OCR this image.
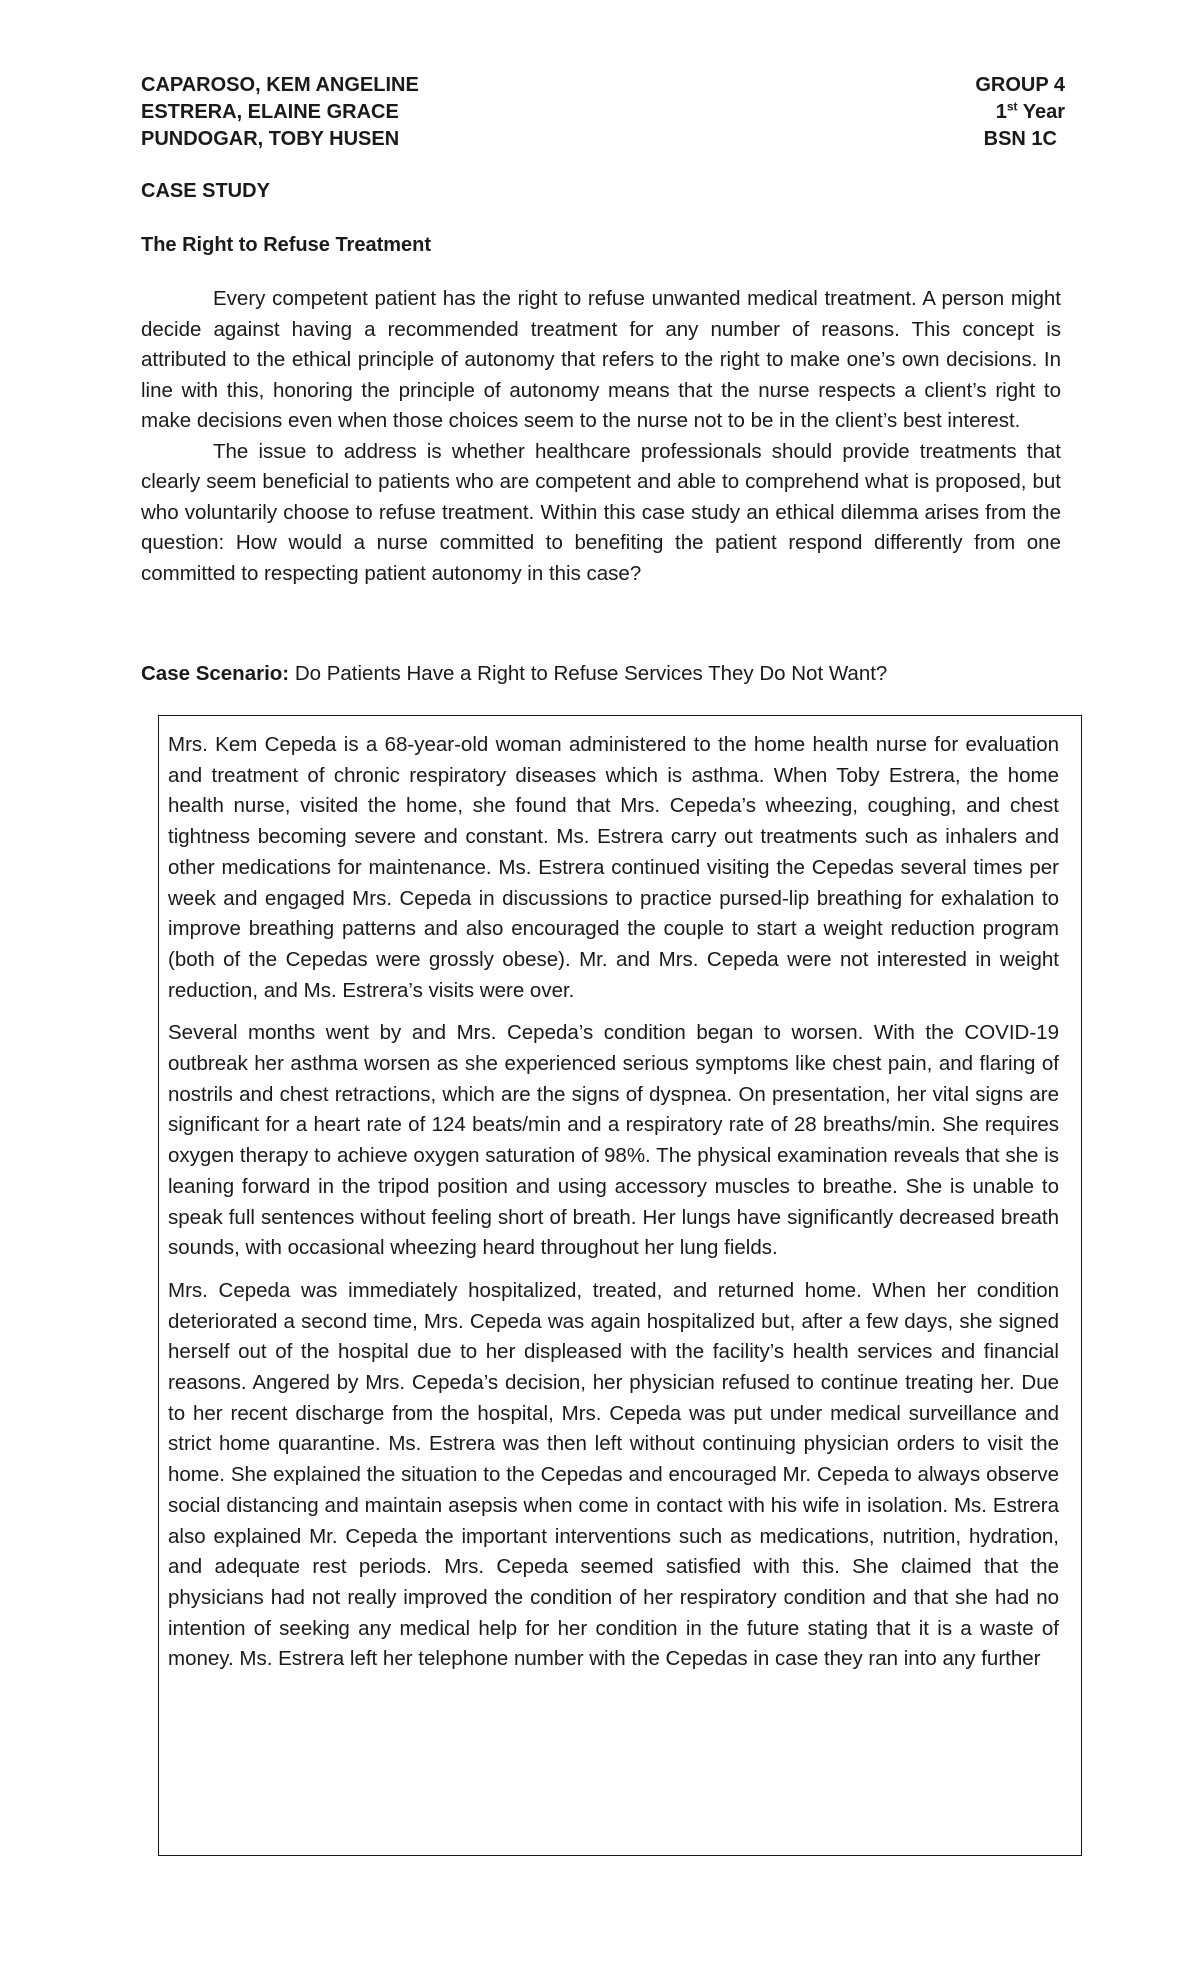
CAPAROSO, KEM ANGELINE	GROUP 4
ESTRERA, ELAINE GRACE	1st Year
PUNDOGAR, TOBY HUSEN	BSN 1C
CASE STUDY
The Right to Refuse Treatment

Every competent patient has the right to refuse unwanted medical treatment. A person might decide against having a recommended treatment for any number of reasons. This concept is attributed to the ethical principle of autonomy that refers to the right to make one’s own decisions. In line with this, honoring the principle of autonomy means that the nurse respects a client’s right to make decisions even when those choices seem to the nurse not to be in the client’s best interest.

The issue to address is whether healthcare professionals should provide treatments that clearly seem beneficial to patients who are competent and able to comprehend what is proposed, but who voluntarily choose to refuse treatment. Within this case study an ethical dilemma arises from the question: How would a nurse committed to benefiting the patient respond differently from one committed to respecting patient autonomy in this case?

Case Scenario: Do Patients Have a Right to Refuse Services They Do Not Want?

Mrs. Kem Cepeda is a 68-year-old woman administered to the home health nurse for evaluation and treatment of chronic respiratory diseases which is asthma. When Toby Estrera, the home health nurse, visited the home, she found that Mrs. Cepeda’s wheezing, coughing, and chest tightness becoming severe and constant. Ms. Estrera carry out treatments such as inhalers and other medications for maintenance. Ms. Estrera continued visiting the Cepedas several times per week and engaged Mrs. Cepeda in discussions to practice pursed-lip breathing for exhalation to improve breathing patterns and also encouraged the couple to start a weight reduction program (both of the Cepedas were grossly obese). Mr. and Mrs. Cepeda were not interested in weight reduction, and Ms. Estrera’s visits were over.

Several months went by and Mrs. Cepeda’s condition began to worsen. With the COVID-19 outbreak her asthma worsen as she experienced serious symptoms like chest pain, and flaring of nostrils and chest retractions, which are the signs of dyspnea. On presentation, her vital signs are significant for a heart rate of 124 beats/min and a respiratory rate of 28 breaths/min. She requires oxygen therapy to achieve oxygen saturation of 98%. The physical examination reveals that she is leaning forward in the tripod position and using accessory muscles to breathe. She is unable to speak full sentences without feeling short of breath. Her lungs have significantly decreased breath sounds, with occasional wheezing heard throughout her lung fields.

Mrs. Cepeda was immediately hospitalized, treated, and returned home. When her condition deteriorated a second time, Mrs. Cepeda was again hospitalized but, after a few days, she signed herself out of the hospital due to her displeased with the facility’s health services and financial reasons. Angered by Mrs. Cepeda’s decision, her physician refused to continue treating her. Due to her recent discharge from the hospital, Mrs. Cepeda was put under medical surveillance and strict home quarantine. Ms. Estrera was then left without continuing physician orders to visit the home. She explained the situation to the Cepedas and encouraged Mr. Cepeda to always observe social distancing and maintain asepsis when come in contact with his wife in isolation. Ms. Estrera also explained Mr. Cepeda the important interventions such as medications, nutrition, hydration, and adequate rest periods. Mrs. Cepeda seemed satisfied with this. She claimed that the physicians had not really improved the condition of her respiratory condition and that she had no intention of seeking any medical help for her condition in the future stating that it is a waste of money. Ms. Estrera left her telephone number with the Cepedas in case they ran into any further
